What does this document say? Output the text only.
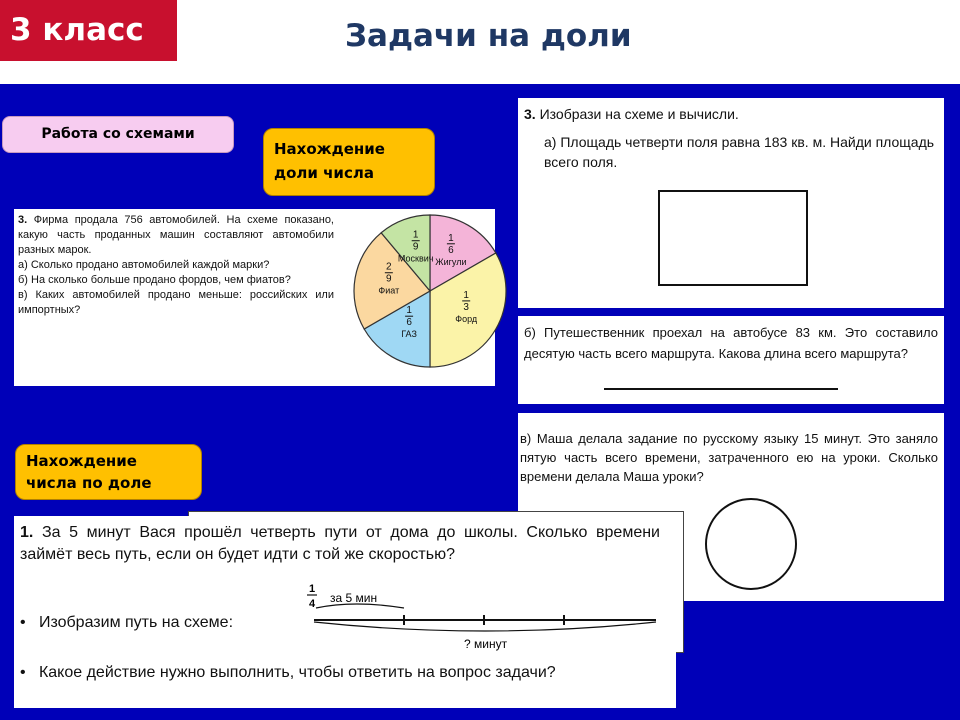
3 класс	Задачи на доли
Работа со схемами
Нахождение
доли числа
Нахождение
числа по доле
3. Фирма продала 756 автомобилей. На схеме показано, какую часть проданных машин составляют автомобили разных марок.
а) Сколько продано автомобилей каждой марки?
б) На сколько больше продано фордов, чем фиатов?
в) Каких автомобилей продано меньше: российских или импортных?
1
6
Жигули
1
3
Форд
1
6
ГАЗ
2
9
Фиат
1
9
Москвич
3. Изобрази на схеме и вычисли.
а) Площадь четверти поля равна 183 кв. м. Найди площадь всего поля.
б) Путешественник проехал на автобусе 83 км. Это составило десятую часть всего маршрута. Какова длина всего маршрута?
в) Маша делала задание по русскому языку 15 минут. Это заняло пятую часть всего времени, затраченного ею на уроки. Сколько времени делала Маша уроки?
1. За 5 минут Вася прошёл четверть пути от дома до школы. Сколько времени займёт весь путь, если он будет идти с той же скоростью?
• Изобразим путь на схеме:
1
4 за 5 мин
? минут
• Какое действие нужно выполнить, чтобы ответить на вопрос задачи?
